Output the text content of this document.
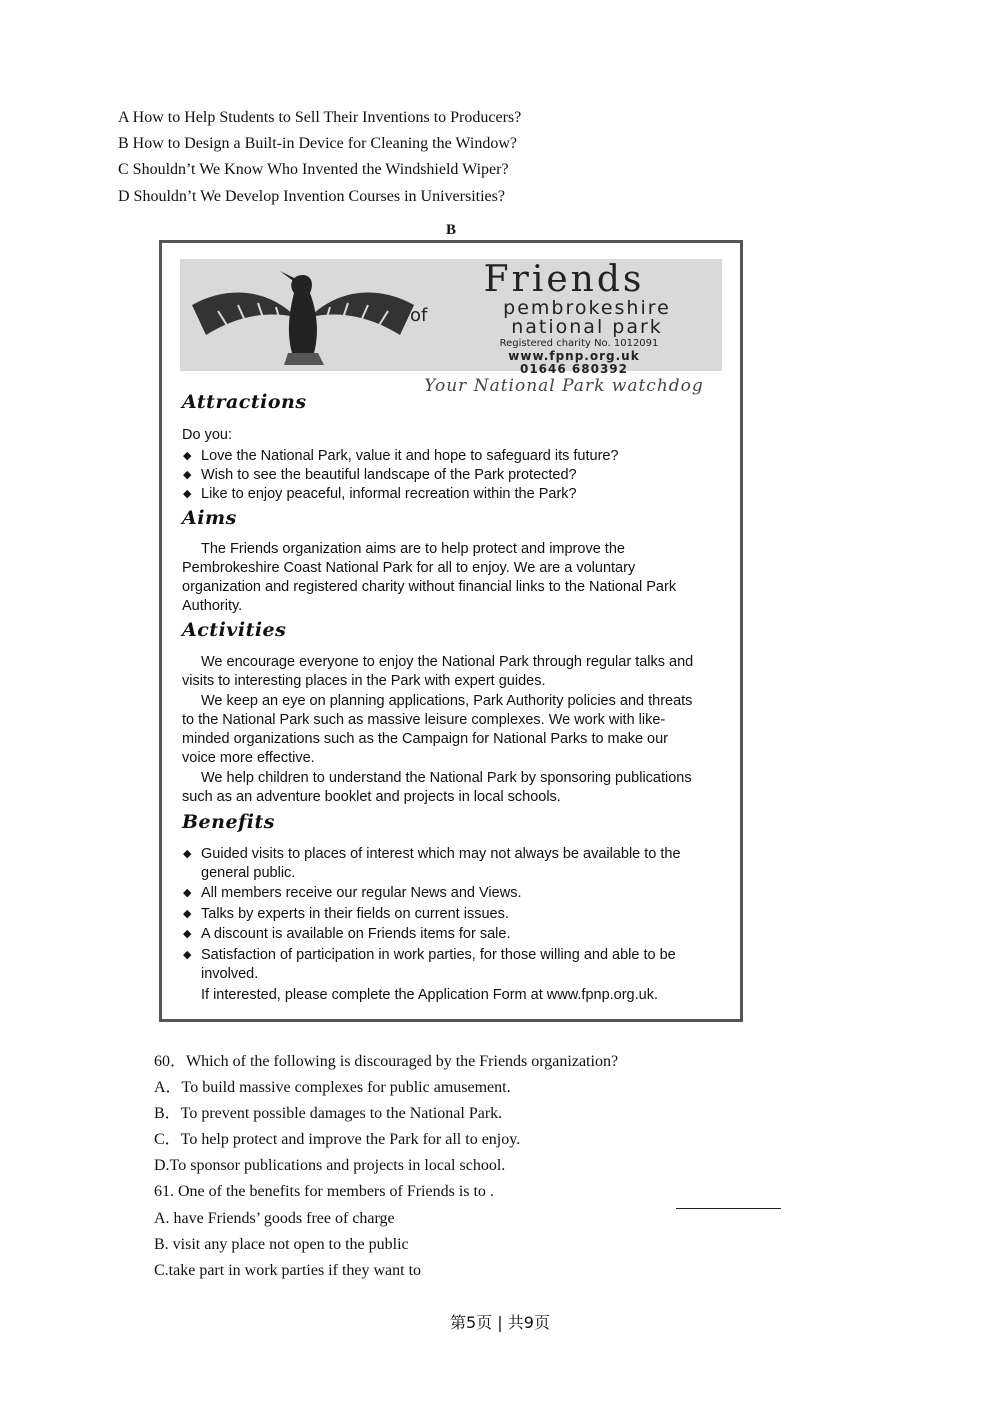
A How to Help Students to Sell Their Inventions to Producers?
B How to Design a Built-in Device for Cleaning the Window?
C Shouldn’t We Know Who Invented the Windshield Wiper?
D Shouldn’t We Develop Invention Courses in Universities?
B
Friends
of	pembrokeshire
national park
Registered charity No. 1012091
www.fpnp.org.uk
01646 680392
Your National Park watchdog
Attractions
Do you:
◆ Love the National Park, value it and hope to safeguard its future?
◆ Wish to see the beautiful landscape of the Park protected?
◆ Like to enjoy peaceful, informal recreation within the Park?
Aims
The Friends organization aims are to help protect and improve the
Pembrokeshire Coast National Park for all to enjoy. We are a voluntary
organization and registered charity without financial links to the National Park
Authority.
Activities
We encourage everyone to enjoy the National Park through regular talks and
visits to interesting places in the Park with expert guides.
We keep an eye on planning applications, Park Authority policies and threats
to the National Park such as massive leisure complexes. We work with like-
minded organizations such as the Campaign for National Parks to make our
voice more effective.
We help children to understand the National Park by sponsoring publications
such as an adventure booklet and projects in local schools.
Benefits
◆ Guided visits to places of interest which may not always be available to the
general public.
◆ All members receive our regular News and Views.
◆ Talks by experts in their fields on current issues.
◆ A discount is available on Friends items for sale.
◆ Satisfaction of participation in work parties, for those willing and able to be
involved.
If interested, please complete the Application Form at www.fpnp.org.uk.
60．Which of the following is discouraged by the Friends organization?
A．To build massive complexes for public amusement.
B．To prevent possible damages to the National Park.
C．To help protect and improve the Park for all to enjoy.
D.To sponsor publications and projects in local school.
61. One of the benefits for members of Friends is to .
A. have Friends’ goods free of charge
B. visit any place not open to the public
C.take part in work parties if they want to
第5页 | 共9页
